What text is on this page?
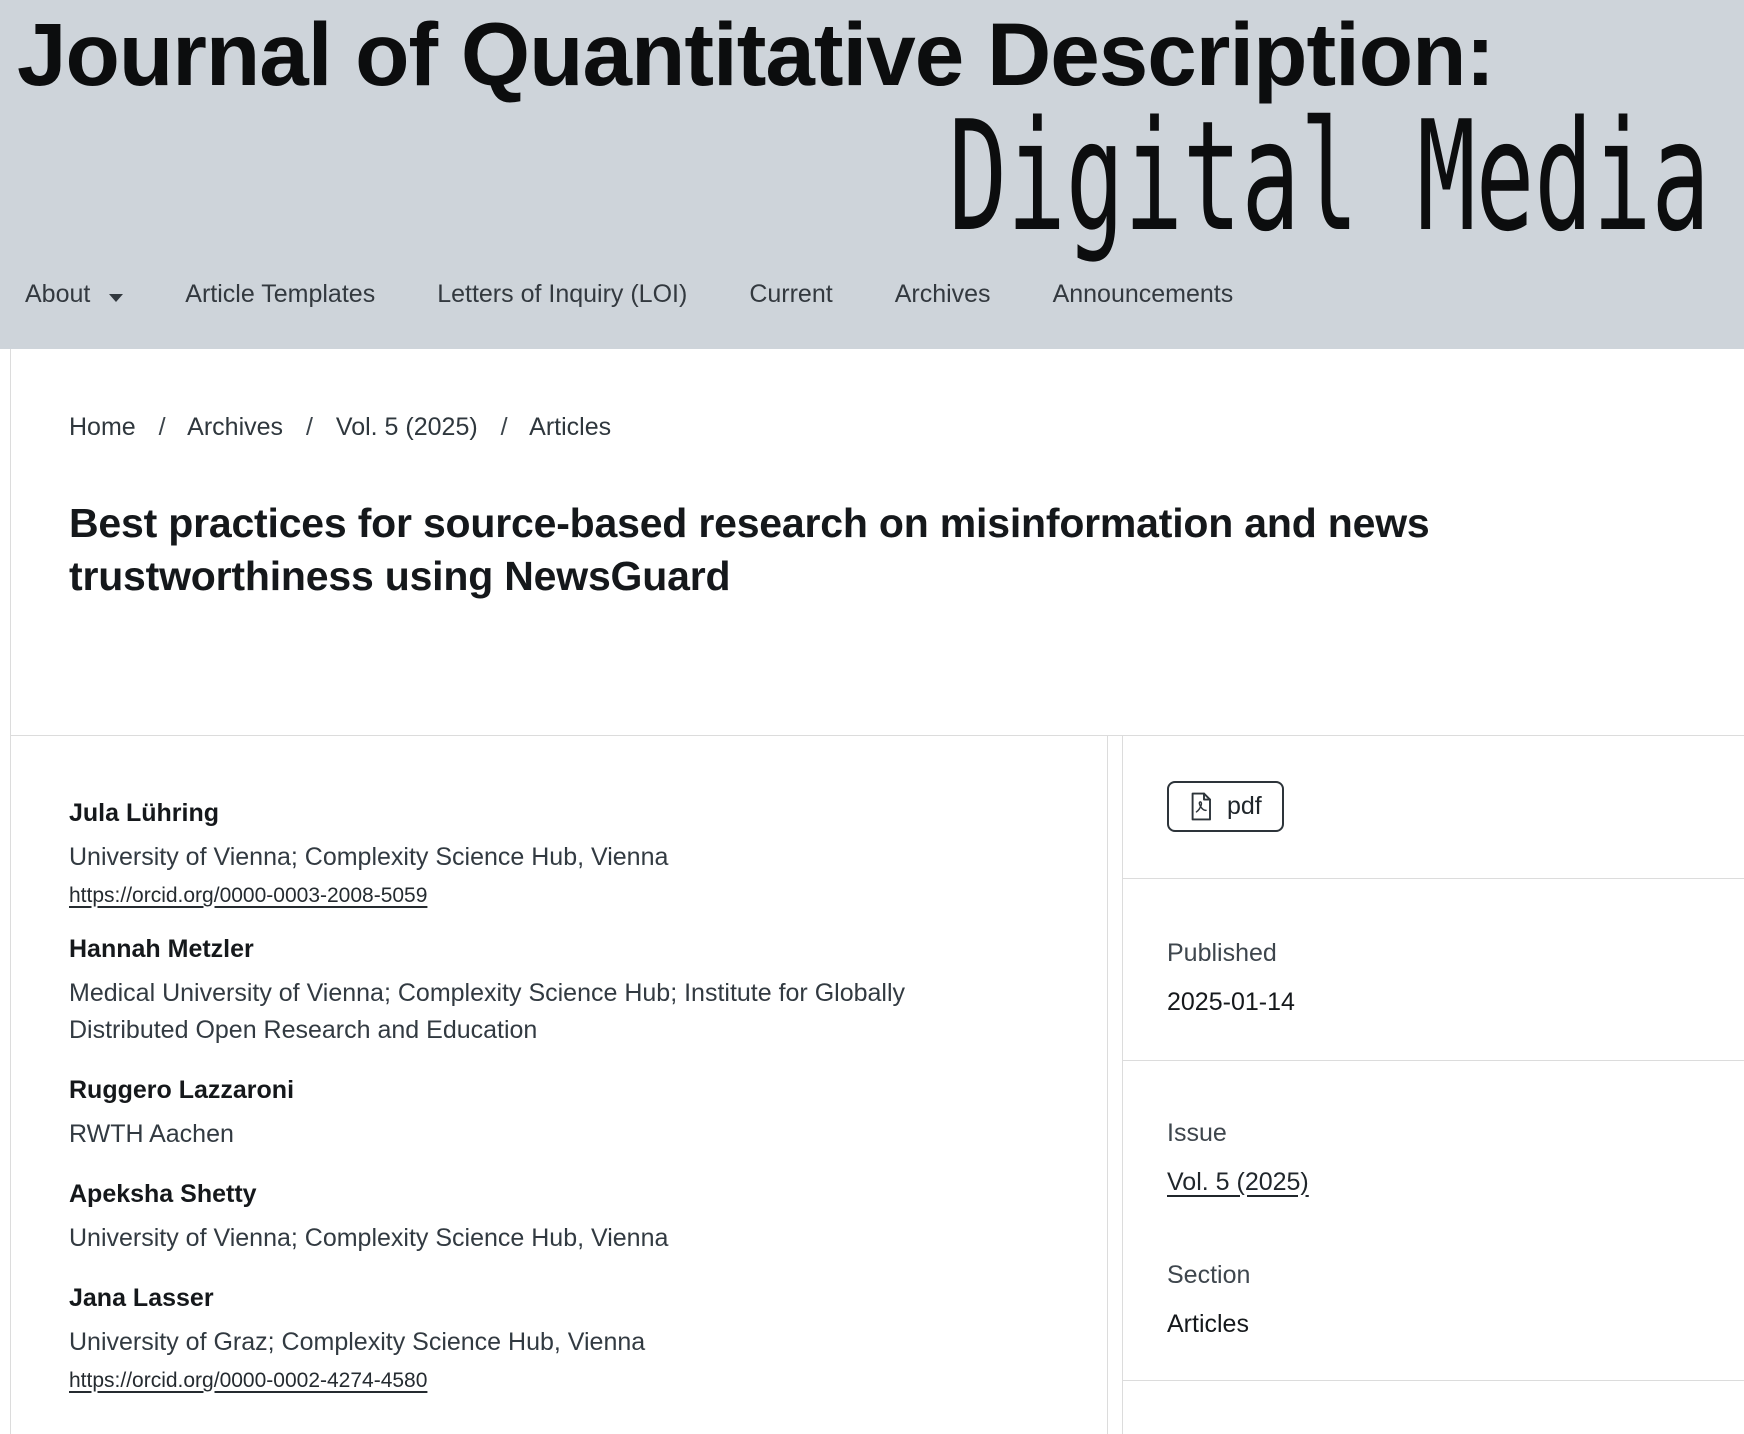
Journal of Quantitative Description:
Digital Media
About	Article Templates Letters of Inquiry (LOI) Current Archives Announcements
Home / Archives / Vol. 5 (2025) / Articles
Best practices for source-based research on misinformation and news trustworthiness using NewsGuard
Jula Lühring
University of Vienna; Complexity Science Hub, Vienna
https://orcid.org/0000-0003-2008-5059
Hannah Metzler
Medical University of Vienna; Complexity Science Hub; Institute for Globally Distributed Open Research and Education
Ruggero Lazzaroni
RWTH Aachen
Apeksha Shetty
University of Vienna; Complexity Science Hub, Vienna
Jana Lasser
University of Graz; Complexity Science Hub, Vienna
https://orcid.org/0000-0002-4274-4580
pdf
Published
2025-01-14
Issue
Vol. 5 (2025)
Section
Articles
